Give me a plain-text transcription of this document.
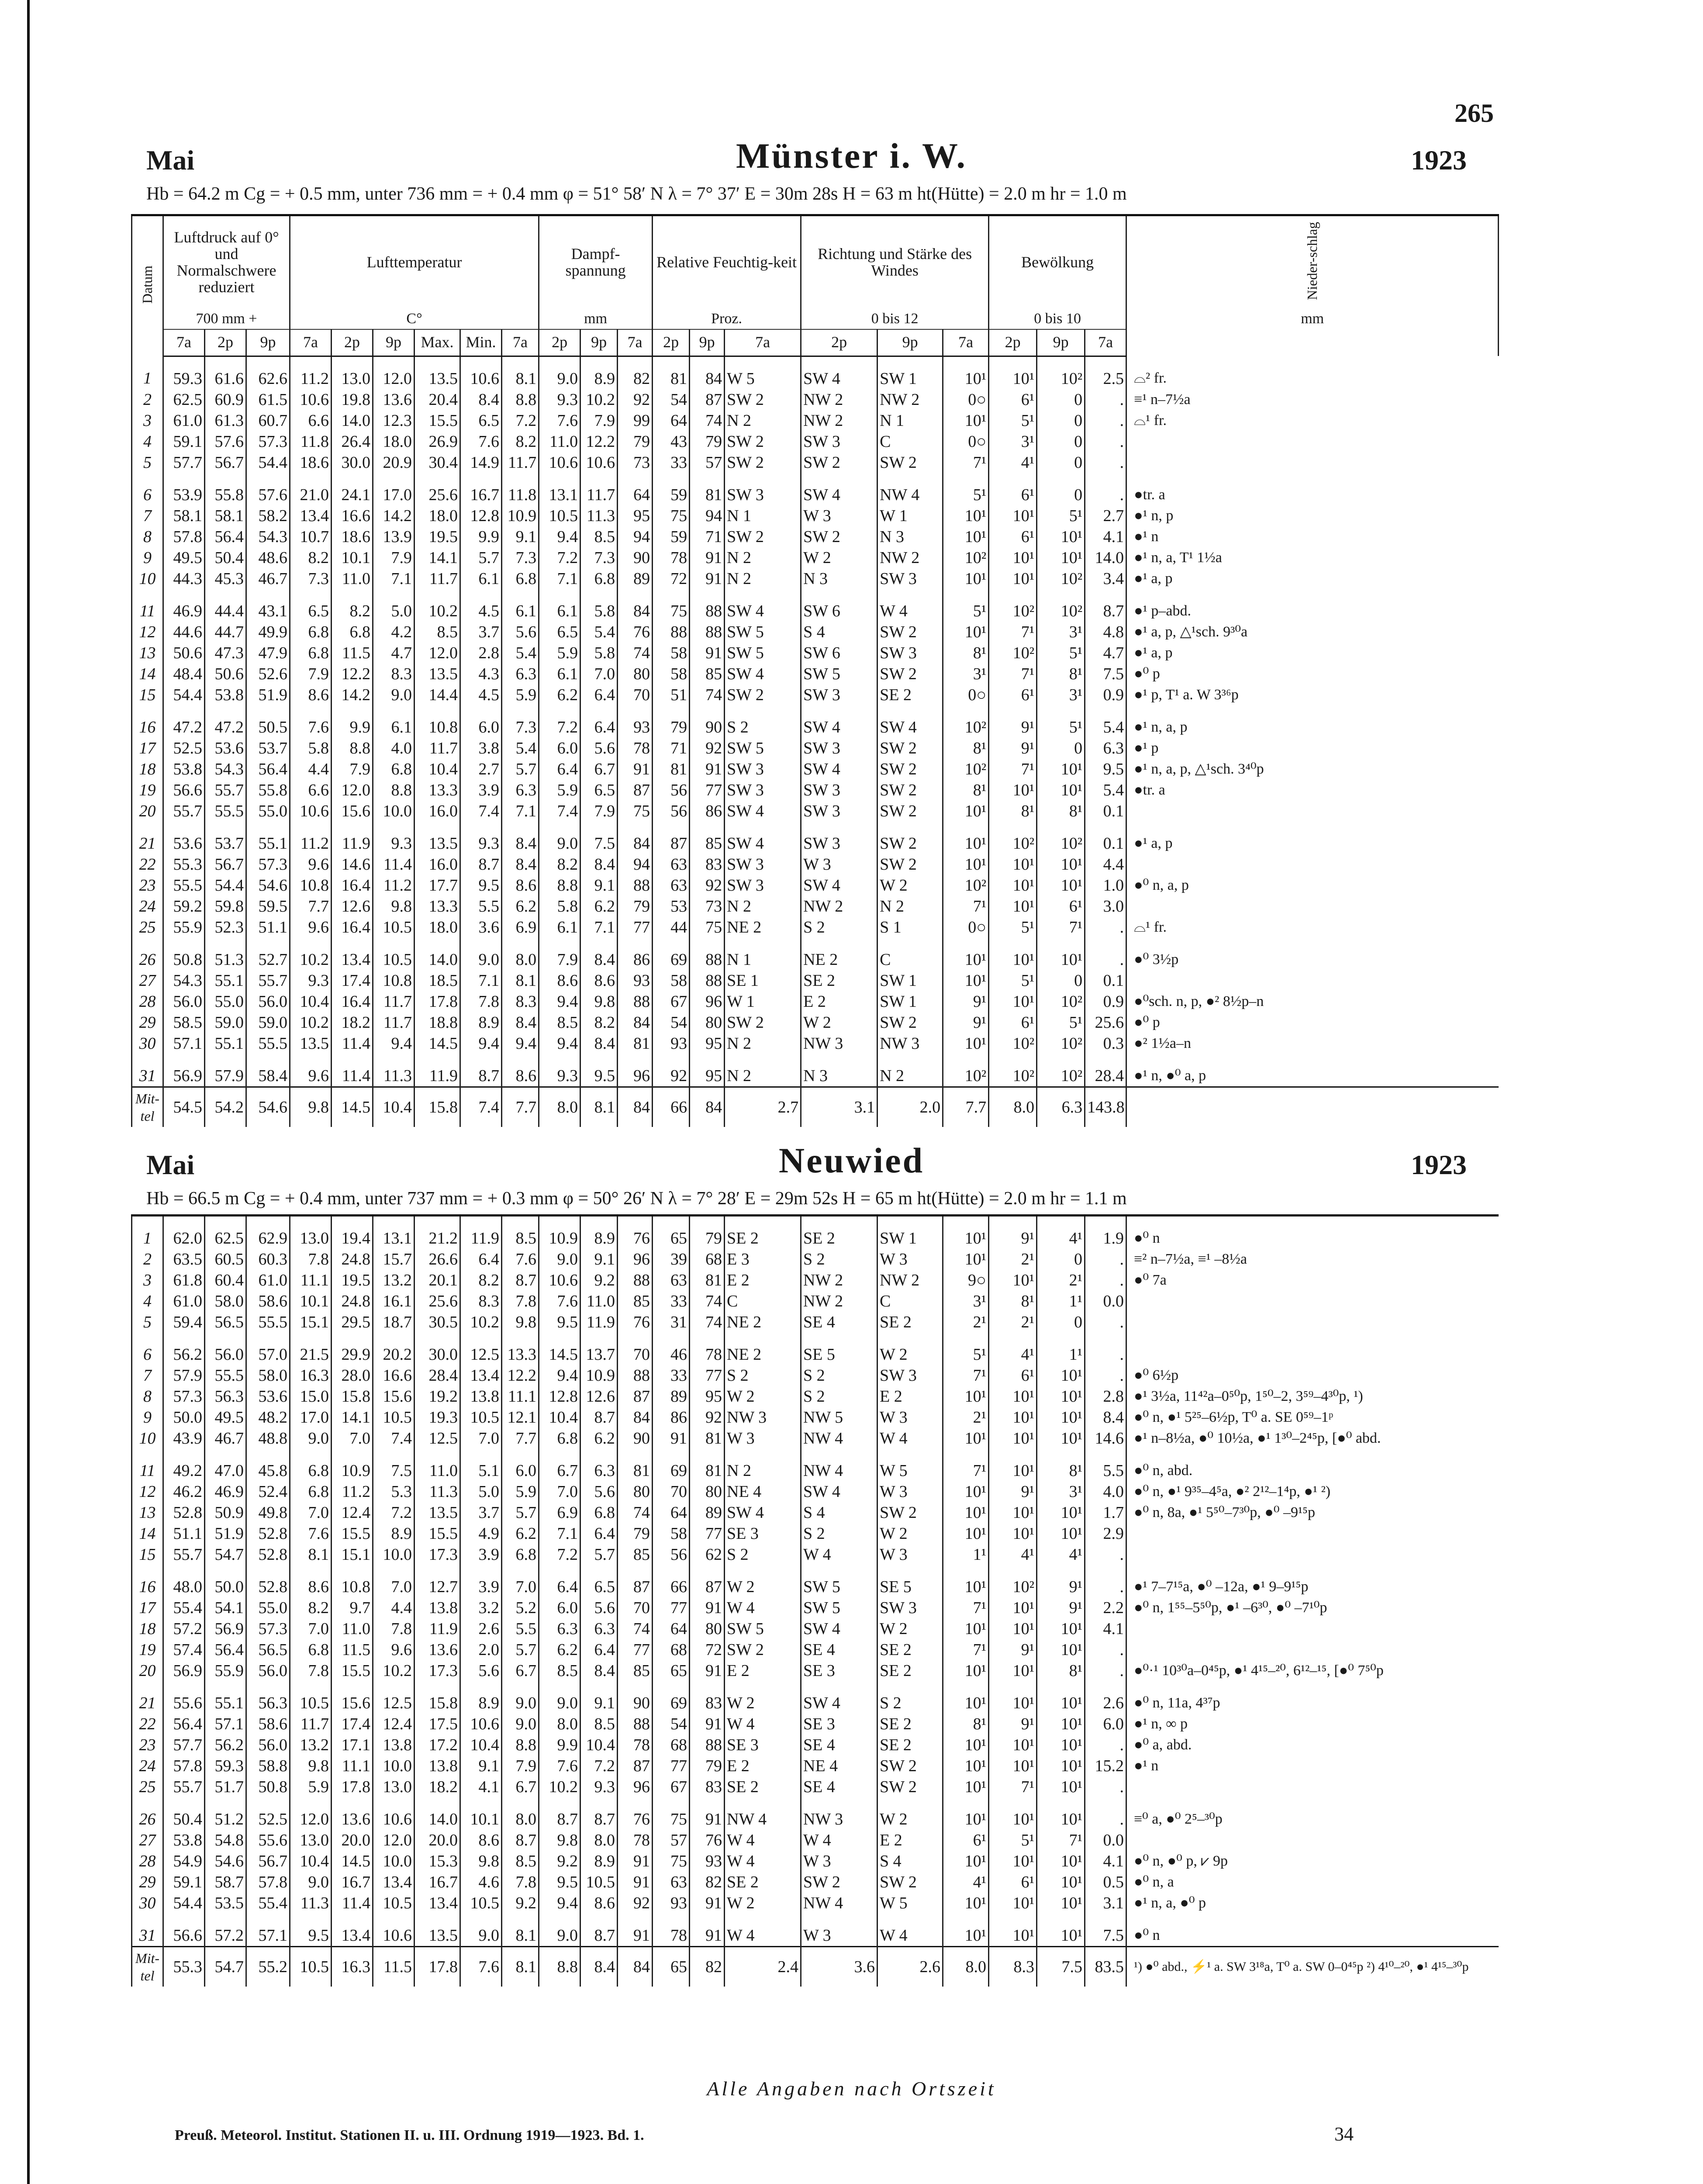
265
Mai	Münster i. W.	1923
Hb = 64.2 m Cg = + 0.5 mm, unter 736 mm = + 0.4 mm φ = 51° 58′ N λ = 7° 37′ E = 30m 28s H = 63 m ht(Hütte) = 2.0 m hr = 1.0 m
Datum	Luftdruck auf 0° und Normalschwere reduziert			Lufttemperatur						Dampf-spannung			Relative Feuchtig-keit			Richtung und Stärke des Windes			Bewölkung			Nieder-schlag	
	700 mm +			C°						mm			Proz.			0 bis 12			0 bis 10			mm	
	7a	2p	9p	7a	2p	9p	Max.	Min.	7a	2p	9p	7a	2p	9p	7a	2p	9p	7a	2p	9p	7a		
1	59.3	61.6	62.6	11.2	13.0	12.0	13.5	10.6	8.1	9.0	8.9	82	81	84	W 5	SW 4	SW 1	10¹	10¹	10²	2.5	⌓² fr.	
2	62.5	60.9	61.5	10.6	19.8	13.6	20.4	8.4	8.8	9.3	10.2	92	54	87	SW 2	NW 2	NW 2	0○	6¹	0	.	≡¹ n–7½a	
3	61.0	61.3	60.7	6.6	14.0	12.3	15.5	6.5	7.2	7.6	7.9	99	64	74	N 2	NW 2	N 1	10¹	5¹	0	.	⌓¹ fr.	
4	59.1	57.6	57.3	11.8	26.4	18.0	26.9	7.6	8.2	11.0	12.2	79	43	79	SW 2	SW 3	C	0○	3¹	0	.		
5	57.7	56.7	54.4	18.6	30.0	20.9	30.4	14.9	11.7	10.6	10.6	73	33	57	SW 2	SW 2	SW 2	7¹	4¹	0	.		
6	53.9	55.8	57.6	21.0	24.1	17.0	25.6	16.7	11.8	13.1	11.7	64	59	81	SW 3	SW 4	NW 4	5¹	6¹	0	.	●tr. a	
7	58.1	58.1	58.2	13.4	16.6	14.2	18.0	12.8	10.9	10.5	11.3	95	75	94	N 1	W 3	W 1	10¹	10¹	5¹	2.7	●¹ n, p	
8	57.8	56.4	54.3	10.7	18.6	13.9	19.5	9.9	9.1	9.4	8.5	94	59	71	SW 2	SW 2	N 3	10¹	6¹	10¹	4.1	●¹ n	
9	49.5	50.4	48.6	8.2	10.1	7.9	14.1	5.7	7.3	7.2	7.3	90	78	91	N 2	W 2	NW 2	10²	10¹	10¹	14.0	●¹ n, a, T¹ 1½a	
10	44.3	45.3	46.7	7.3	11.0	7.1	11.7	6.1	6.8	7.1	6.8	89	72	91	N 2	N 3	SW 3	10¹	10¹	10²	3.4	●¹ a, p	
11	46.9	44.4	43.1	6.5	8.2	5.0	10.2	4.5	6.1	6.1	5.8	84	75	88	SW 4	SW 6	W 4	5¹	10²	10²	8.7	●¹ p–abd.	
12	44.6	44.7	49.9	6.8	6.8	4.2	8.5	3.7	5.6	6.5	5.4	76	88	88	SW 5	S 4	SW 2	10¹	7¹	3¹	4.8	●¹ a, p, △¹sch. 9³⁰a	
13	50.6	47.3	47.9	6.8	11.5	4.7	12.0	2.8	5.4	5.9	5.8	74	58	91	SW 5	SW 6	SW 3	8¹	10²	5¹	4.7	●¹ a, p	
14	48.4	50.6	52.6	7.9	12.2	8.3	13.5	4.3	6.3	6.1	7.0	80	58	85	SW 4	SW 5	SW 2	3¹	7¹	8¹	7.5	●⁰ p	
15	54.4	53.8	51.9	8.6	14.2	9.0	14.4	4.5	5.9	6.2	6.4	70	51	74	SW 2	SW 3	SE 2	0○	6¹	3¹	0.9	●¹ p, T¹ a. W 3³⁶p	
16	47.2	47.2	50.5	7.6	9.9	6.1	10.8	6.0	7.3	7.2	6.4	93	79	90	S 2	SW 4	SW 4	10²	9¹	5¹	5.4	●¹ n, a, p	
17	52.5	53.6	53.7	5.8	8.8	4.0	11.7	3.8	5.4	6.0	5.6	78	71	92	SW 5	SW 3	SW 2	8¹	9¹	0	6.3	●¹ p	
18	53.8	54.3	56.4	4.4	7.9	6.8	10.4	2.7	5.7	6.4	6.7	91	81	91	SW 3	SW 4	SW 2	10²	7¹	10¹	9.5	●¹ n, a, p, △¹sch. 3⁴⁰p	
19	56.6	55.7	55.8	6.6	12.0	8.8	13.3	3.9	6.3	5.9	6.5	87	56	77	SW 3	SW 3	SW 2	8¹	10¹	10¹	5.4	●tr. a	
20	55.7	55.5	55.0	10.6	15.6	10.0	16.0	7.4	7.1	7.4	7.9	75	56	86	SW 4	SW 3	SW 2	10¹	8¹	8¹	0.1		
21	53.6	53.7	55.1	11.2	11.9	9.3	13.5	9.3	8.4	9.0	7.5	84	87	85	SW 4	SW 3	SW 2	10¹	10²	10²	0.1	●¹ a, p	
22	55.3	56.7	57.3	9.6	14.6	11.4	16.0	8.7	8.4	8.2	8.4	94	63	83	SW 3	W 3	SW 2	10¹	10¹	10¹	4.4		
23	55.5	54.4	54.6	10.8	16.4	11.2	17.7	9.5	8.6	8.8	9.1	88	63	92	SW 3	SW 4	W 2	10²	10¹	10¹	1.0	●⁰ n, a, p	
24	59.2	59.8	59.5	7.7	12.6	9.8	13.3	5.5	6.2	5.8	6.2	79	53	73	N 2	NW 2	N 2	7¹	10¹	6¹	3.0		
25	55.9	52.3	51.1	9.6	16.4	10.5	18.0	3.6	6.9	6.1	7.1	77	44	75	NE 2	S 2	S 1	0○	5¹	7¹	.	⌓¹ fr.	
26	50.8	51.3	52.7	10.2	13.4	10.5	14.0	9.0	8.0	7.9	8.4	86	69	88	N 1	NE 2	C	10¹	10¹	10¹	.	●⁰ 3½p	
27	54.3	55.1	55.7	9.3	17.4	10.8	18.5	7.1	8.1	8.6	8.6	93	58	88	SE 1	SE 2	SW 1	10¹	5¹	0	0.1		
28	56.0	55.0	56.0	10.4	16.4	11.7	17.8	7.8	8.3	9.4	9.8	88	67	96	W 1	E 2	SW 1	9¹	10¹	10²	0.9	●⁰sch. n, p, ●² 8½p–n	
29	58.5	59.0	59.0	10.2	18.2	11.7	18.8	8.9	8.4	8.5	8.2	84	54	80	SW 2	W 2	SW 2	9¹	6¹	5¹	25.6	●⁰ p	
30	57.1	55.1	55.5	13.5	11.4	9.4	14.5	9.4	9.4	9.4	8.4	81	93	95	N 2	NW 3	NW 3	10¹	10²	10²	0.3	●² 1½a–n	
31	56.9	57.9	58.4	9.6	11.4	11.3	11.9	8.7	8.6	9.3	9.5	96	92	95	N 2	N 3	N 2	10²	10²	10²	28.4	●¹ n, ●⁰ a, p	
Mit-tel	54.5	54.2	54.6	9.8	14.5	10.4	15.8	7.4	7.7	8.0	8.1	84	66	84	2.7	3.1	2.0	7.7	8.0	6.3	143.8		
Mai	Neuwied	1923
Hb = 66.5 m Cg = + 0.4 mm, unter 737 mm = + 0.3 mm φ = 50° 26′ N λ = 7° 28′ E = 29m 52s H = 65 m ht(Hütte) = 2.0 m hr = 1.1 m
1	62.0	62.5	62.9	13.0	19.4	13.1	21.2	11.9	8.5	10.9	8.9	76	65	79	SE 2	SE 2	SW 1	10¹	9¹	4¹	1.9	●⁰ n
2	63.5	60.5	60.3	7.8	24.8	15.7	26.6	6.4	7.6	9.0	9.1	96	39	68	E 3	S 2	W 3	10¹	2¹	0	.	≡² n–7½a, ≡¹ –8½a
3	61.8	60.4	61.0	11.1	19.5	13.2	20.1	8.2	8.7	10.6	9.2	88	63	81	E 2	NW 2	NW 2	9○	10¹	2¹	.	●⁰ 7a
4	61.0	58.0	58.6	10.1	24.8	16.1	25.6	8.3	7.8	7.6	11.0	85	33	74	C	NW 2	C	3¹	8¹	1¹	0.0	
5	59.4	56.5	55.5	15.1	29.5	18.7	30.5	10.2	9.8	9.5	11.9	76	31	74	NE 2	SE 4	SE 2	2¹	2¹	0	.	
6	56.2	56.0	57.0	21.5	29.9	20.2	30.0	12.5	13.3	14.5	13.7	70	46	78	NE 2	SE 5	W 2	5¹	4¹	1¹	.	
7	57.9	55.5	58.0	16.3	28.0	16.6	28.4	13.4	12.2	9.4	10.9	88	33	77	S 2	S 2	SW 3	7¹	6¹	10¹	.	●⁰ 6½p
8	57.3	56.3	53.6	15.0	15.8	15.6	19.2	13.8	11.1	12.8	12.6	87	89	95	W 2	S 2	E 2	10¹	10¹	10¹	2.8	●¹ 3½a, 11⁴²a–0⁵⁰p, 1⁵⁰–2, 3⁵⁹–4³⁰p, ¹)
9	50.0	49.5	48.2	17.0	14.1	10.5	19.3	10.5	12.1	10.4	8.7	84	86	92	NW 3	NW 5	W 3	2¹	10¹	10¹	8.4	●⁰ n, ●¹ 5²⁵–6½p, T⁰ a. SE 0⁵⁹–1ᵖ
10	43.9	46.7	48.8	9.0	7.0	7.4	12.5	7.0	7.7	6.8	6.2	90	91	81	W 3	NW 4	W 4	10¹	10¹	10¹	14.6	●¹ n–8½a, ●⁰ 10½a, ●¹ 1³⁰–2⁴⁵p, [●⁰ abd.
11	49.2	47.0	45.8	6.8	10.9	7.5	11.0	5.1	6.0	6.7	6.3	81	69	81	N 2	NW 4	W 5	7¹	10¹	8¹	5.5	●⁰ n, abd.
12	46.2	46.9	52.4	6.8	11.2	5.3	11.3	5.0	5.9	7.0	5.6	80	70	80	NE 4	SW 4	W 3	10¹	9¹	3¹	4.0	●⁰ n, ●¹ 9³⁵–4⁵a, ●² 2¹²–1⁴p, ●¹ ²)
13	52.8	50.9	49.8	7.0	12.4	7.2	13.5	3.7	5.7	6.9	6.8	74	64	89	SW 4	S 4	SW 2	10¹	10¹	10¹	1.7	●⁰ n, 8a, ●¹ 5⁵⁰–7³⁰p, ●⁰ –9¹⁵p
14	51.1	51.9	52.8	7.6	15.5	8.9	15.5	4.9	6.2	7.1	6.4	79	58	77	SE 3	S 2	W 2	10¹	10¹	10¹	2.9	
15	55.7	54.7	52.8	8.1	15.1	10.0	17.3	3.9	6.8	7.2	5.7	85	56	62	S 2	W 4	W 3	1¹	4¹	4¹	.	
16	48.0	50.0	52.8	8.6	10.8	7.0	12.7	3.9	7.0	6.4	6.5	87	66	87	W 2	SW 5	SE 5	10¹	10²	9¹	.	●¹ 7–7¹⁵a, ●⁰ –12a, ●¹ 9–9¹⁵p
17	55.4	54.1	55.0	8.2	9.7	4.4	13.8	3.2	5.2	6.0	5.6	70	77	91	W 4	SW 5	SW 3	7¹	10¹	9¹	2.2	●⁰ n, 1⁵⁵–5⁵⁰p, ●¹ –6³⁰, ●⁰ –7¹⁰p
18	57.2	56.9	57.3	7.0	11.0	7.8	11.9	2.6	5.5	6.3	6.3	74	64	80	SW 5	SW 4	W 2	10¹	10¹	10¹	4.1	
19	57.4	56.4	56.5	6.8	11.5	9.6	13.6	2.0	5.7	6.2	6.4	77	68	72	SW 2	SE 4	SE 2	7¹	9¹	10¹	.	
20	56.9	55.9	56.0	7.8	15.5	10.2	17.3	5.6	6.7	8.5	8.4	85	65	91	E 2	SE 3	SE 2	10¹	10¹	8¹	.	●⁰·¹ 10³⁰a–0⁴⁵p, ●¹ 4¹⁵–²⁰, 6¹²–¹⁵, [●⁰ 7⁵⁰p
21	55.6	55.1	56.3	10.5	15.6	12.5	15.8	8.9	9.0	9.0	9.1	90	69	83	W 2	SW 4	S 2	10¹	10¹	10¹	2.6	●⁰ n, 11a, 4³⁷p
22	56.4	57.1	58.6	11.7	17.4	12.4	17.5	10.6	9.0	8.0	8.5	88	54	91	W 4	SE 3	SE 2	8¹	9¹	10¹	6.0	●¹ n, ∞ p
23	57.7	56.2	56.0	13.2	17.1	13.8	17.2	10.4	8.8	9.9	10.4	78	68	88	SE 3	SE 4	SE 2	10¹	10¹	10¹	.	●⁰ a, abd.
24	57.8	59.3	58.8	9.8	11.1	10.0	13.8	9.1	7.9	7.6	7.2	87	77	79	E 2	NE 4	SW 2	10¹	10¹	10¹	15.2	●¹ n
25	55.7	51.7	50.8	5.9	17.8	13.0	18.2	4.1	6.7	10.2	9.3	96	67	83	SE 2	SE 4	SW 2	10¹	7¹	10¹	.	
26	50.4	51.2	52.5	12.0	13.6	10.6	14.0	10.1	8.0	8.7	8.7	76	75	91	NW 4	NW 3	W 2	10¹	10¹	10¹	.	≡⁰ a, ●⁰ 2⁵–³⁰p
27	53.8	54.8	55.6	13.0	20.0	12.0	20.0	8.6	8.7	9.8	8.0	78	57	76	W 4	W 4	E 2	6¹	5¹	7¹	0.0	
28	54.9	54.6	56.7	10.4	14.5	10.0	15.3	9.8	8.5	9.2	8.9	91	75	93	W 4	W 3	S 4	10¹	10¹	10¹	4.1	●⁰ n, ●⁰ p, ⩗ 9p
29	59.1	58.7	57.8	9.0	16.7	13.4	16.7	4.6	7.8	9.5	10.5	91	63	82	SE 2	SW 2	SW 2	4¹	6¹	10¹	0.5	●⁰ n, a
30	54.4	53.5	55.4	11.3	11.4	10.5	13.4	10.5	9.2	9.4	8.6	92	93	91	W 2	NW 4	W 5	10¹	10¹	10¹	3.1	●¹ n, a, ●⁰ p
31	56.6	57.2	57.1	9.5	13.4	10.6	13.5	9.0	8.1	9.0	8.7	91	78	91	W 4	W 3	W 4	10¹	10¹	10¹	7.5	●⁰ n
Mit-tel	55.3	54.7	55.2	10.5	16.3	11.5	17.8	7.6	8.1	8.8	8.4	84	65	82	2.4	3.6	2.6	8.0	8.3	7.5	83.5	¹) ●⁰ abd., ⚡¹ a. SW 3¹⁸a, T⁰ a. SW 0–0⁴⁵p ²) 4¹⁰–²⁰, ●¹ 4¹⁵–³⁰p
Alle Angaben nach Ortszeit
Preuß. Meteorol. Institut. Stationen II. u. III. Ordnung 1919—1923. Bd. 1.	34
